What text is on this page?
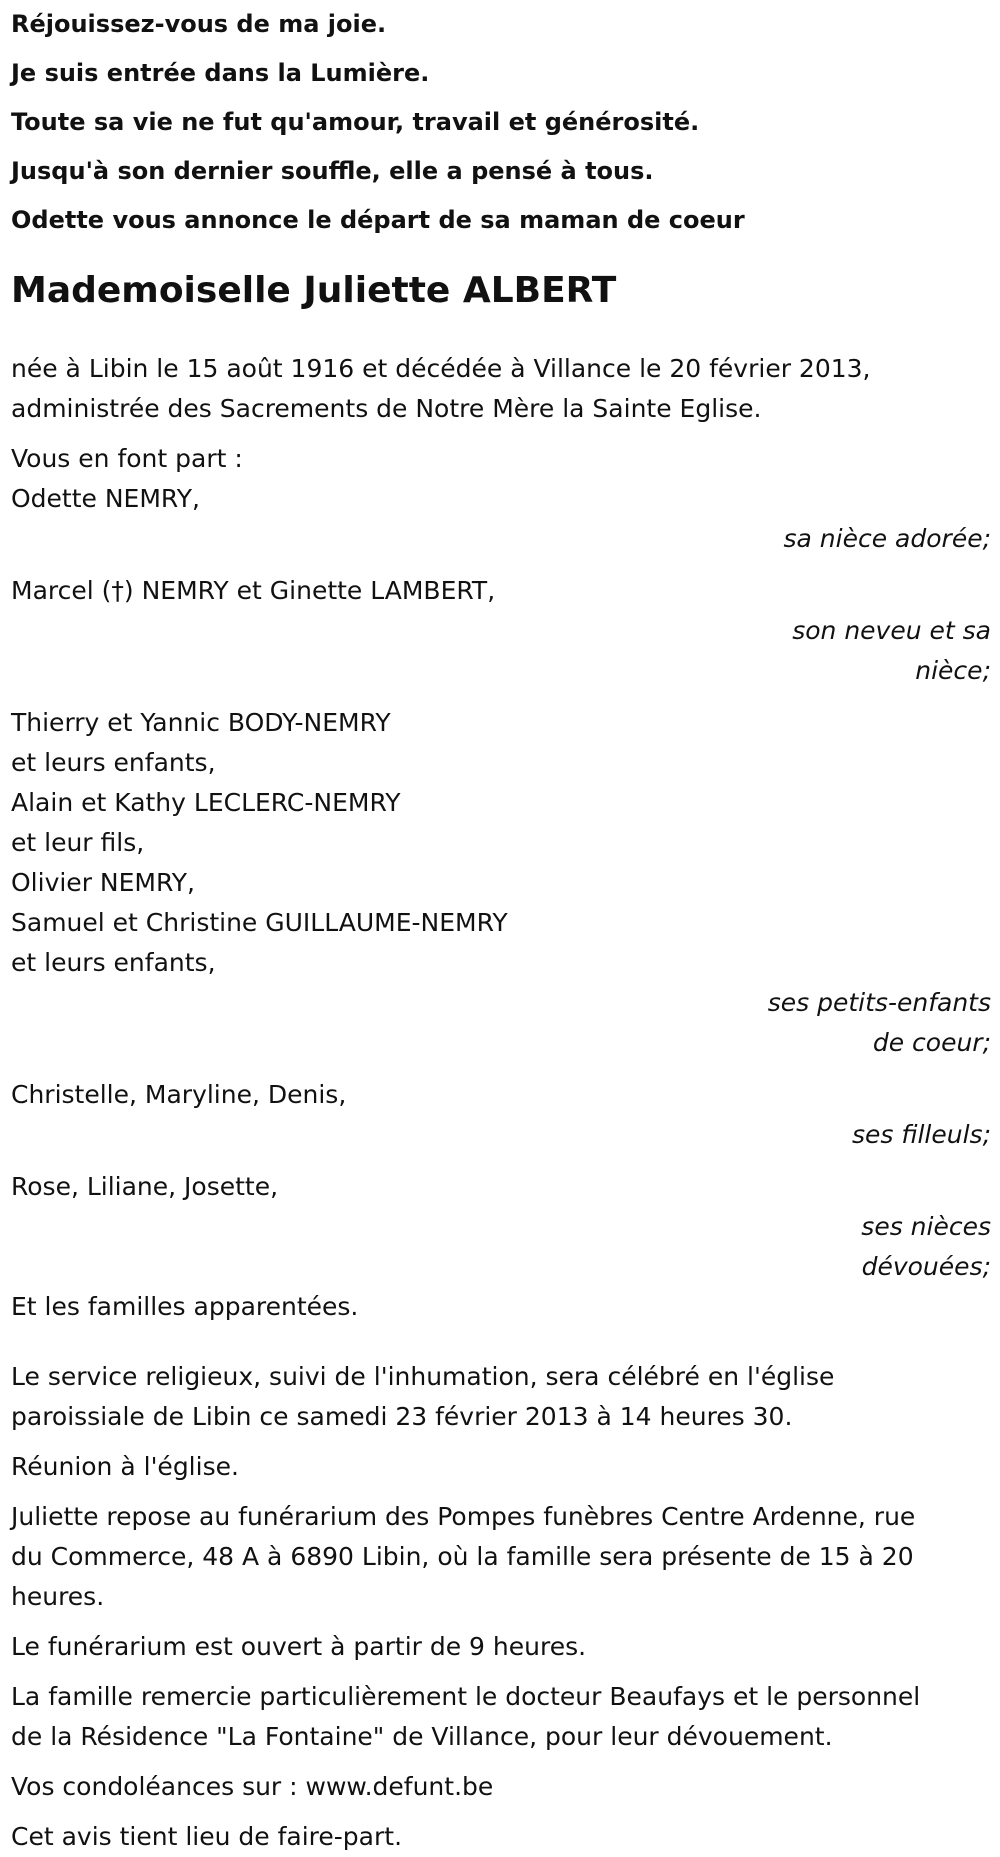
Réjouissez-vous de ma joie.

Je suis entrée dans la Lumière.

Toute sa vie ne fut qu'amour, travail et générosité.

Jusqu'à son dernier souffle, elle a pensé à tous.

Odette vous annonce le départ de sa maman de coeur

Mademoiselle Juliette ALBERT

née à Libin le 15 août 1916 et décédée à Villance le 20 février 2013,

administrée des Sacrements de Notre Mère la Sainte Eglise.

Vous en font part :

Odette NEMRY,
sa nièce adorée;
Marcel (†) NEMRY et Ginette LAMBERT,
son neveu et sa
nièce;
Thierry et Yannic BODY-NEMRY
et leurs enfants,
Alain et Kathy LECLERC-NEMRY
et leur fils,
Olivier NEMRY,
Samuel et Christine GUILLAUME-NEMRY
et leurs enfants,
ses petits-enfants
de coeur;
Christelle, Maryline, Denis,
ses filleuls;
Rose, Liliane, Josette,
ses nièces
dévouées;

Et les familles apparentées.

Le service religieux, suivi de l'inhumation, sera célébré en l'église

paroissiale de Libin ce samedi 23 février 2013 à 14 heures 30.

Réunion à l'église.

Juliette repose au funérarium des Pompes funèbres Centre Ardenne, rue

du Commerce, 48 A à 6890 Libin, où la famille sera présente de 15 à 20

heures.

Le funérarium est ouvert à partir de 9 heures.

La famille remercie particulièrement le docteur Beaufays et le personnel

de la Résidence "La Fontaine" de Villance, pour leur dévouement.

Vos condoléances sur : www.defunt.be

Cet avis tient lieu de faire-part.
